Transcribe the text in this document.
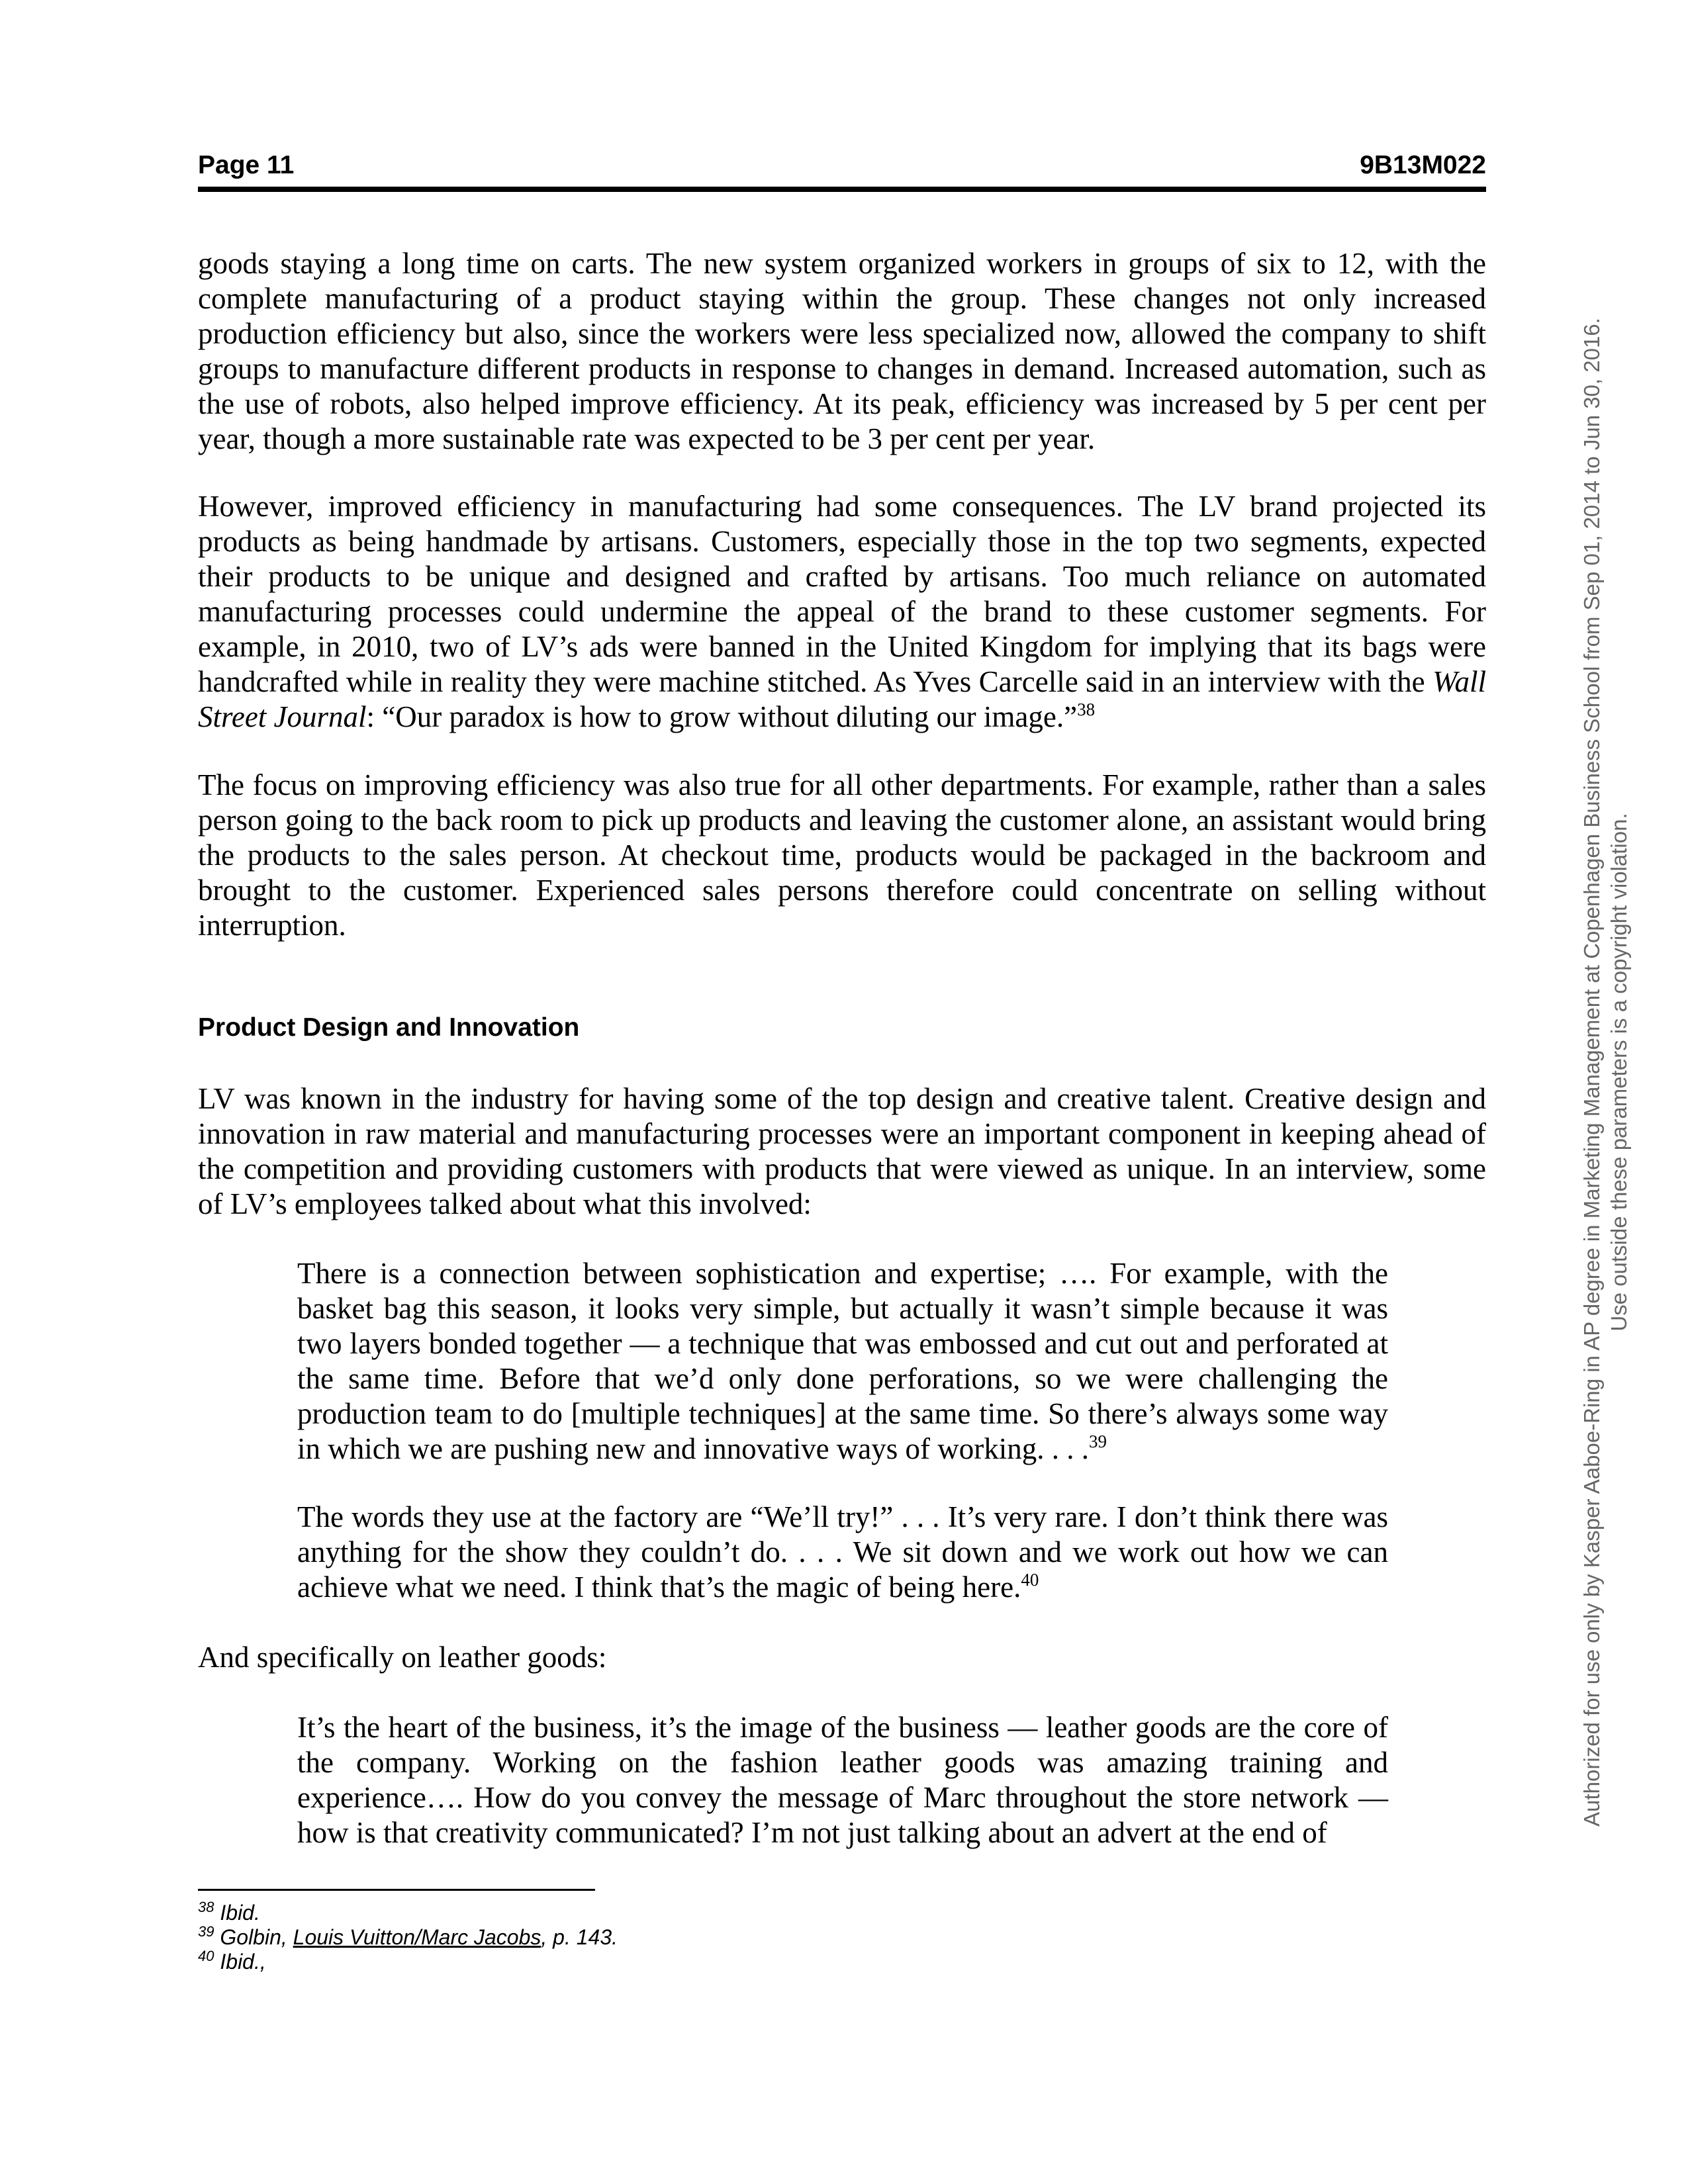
Page 11	9B13M022

goods staying a long time on carts. The new system organized workers in groups of six to 12, with the complete manufacturing of a product staying within the group. These changes not only increased production efficiency but also, since the workers were less specialized now, allowed the company to shift groups to manufacture different products in response to changes in demand. Increased automation, such as the use of robots, also helped improve efficiency. At its peak, efficiency was increased by 5 per cent per year, though a more sustainable rate was expected to be 3 per cent per year.

However, improved efficiency in manufacturing had some consequences. The LV brand projected its products as being handmade by artisans. Customers, especially those in the top two segments, expected their products to be unique and designed and crafted by artisans. Too much reliance on automated manufacturing processes could undermine the appeal of the brand to these customer segments. For example, in 2010, two of LV’s ads were banned in the United Kingdom for implying that its bags were handcrafted while in reality they were machine stitched. As Yves Carcelle said in an interview with the Wall Street Journal: “Our paradox is how to grow without diluting our image.”$^{38}$

The focus on improving efficiency was also true for all other departments. For example, rather than a sales person going to the back room to pick up products and leaving the customer alone, an assistant would bring the products to the sales person. At checkout time, products would be packaged in the backroom and brought to the customer. Experienced sales persons therefore could concentrate on selling without interruption.

Product Design and Innovation

LV was known in the industry for having some of the top design and creative talent. Creative design and innovation in raw material and manufacturing processes were an important component in keeping ahead of the competition and providing customers with products that were viewed as unique. In an interview, some of LV’s employees talked about what this involved:

There is a connection between sophistication and expertise; …. For example, with the basket bag this season, it looks very simple, but actually it wasn’t simple because it was two layers bonded together — a technique that was embossed and cut out and perforated at the same time. Before that we’d only done perforations, so we were challenging the production team to do [multiple techniques] at the same time. So there’s always some way in which we are pushing new and innovative ways of working. . . .$^{39}$

The words they use at the factory are “We’ll try!” . . . It’s very rare. I don’t think there was anything for the show they couldn’t do. . . . We sit down and we work out how we can achieve what we need. I think that’s the magic of being here.$^{40}$

And specifically on leather goods:

It’s the heart of the business, it’s the image of the business — leather goods are the core of the company. Working on the fashion leather goods was amazing training and experience…. How do you convey the message of Marc throughout the store network — how is that creativity communicated? I’m not just talking about an advert at the end of

$^{38}$ Ibid.
$^{39}$ Golbin, Louis Vuitton/Marc Jacobs, p. 143.
$^{40}$ Ibid.,
Authorized for use only by Kasper Aaboe-Ring in AP degree in Marketing Management at Copenhagen Business School from Sep 01, 2014 to Jun 30, 2016. Use outside these parameters is a copyright violation.
